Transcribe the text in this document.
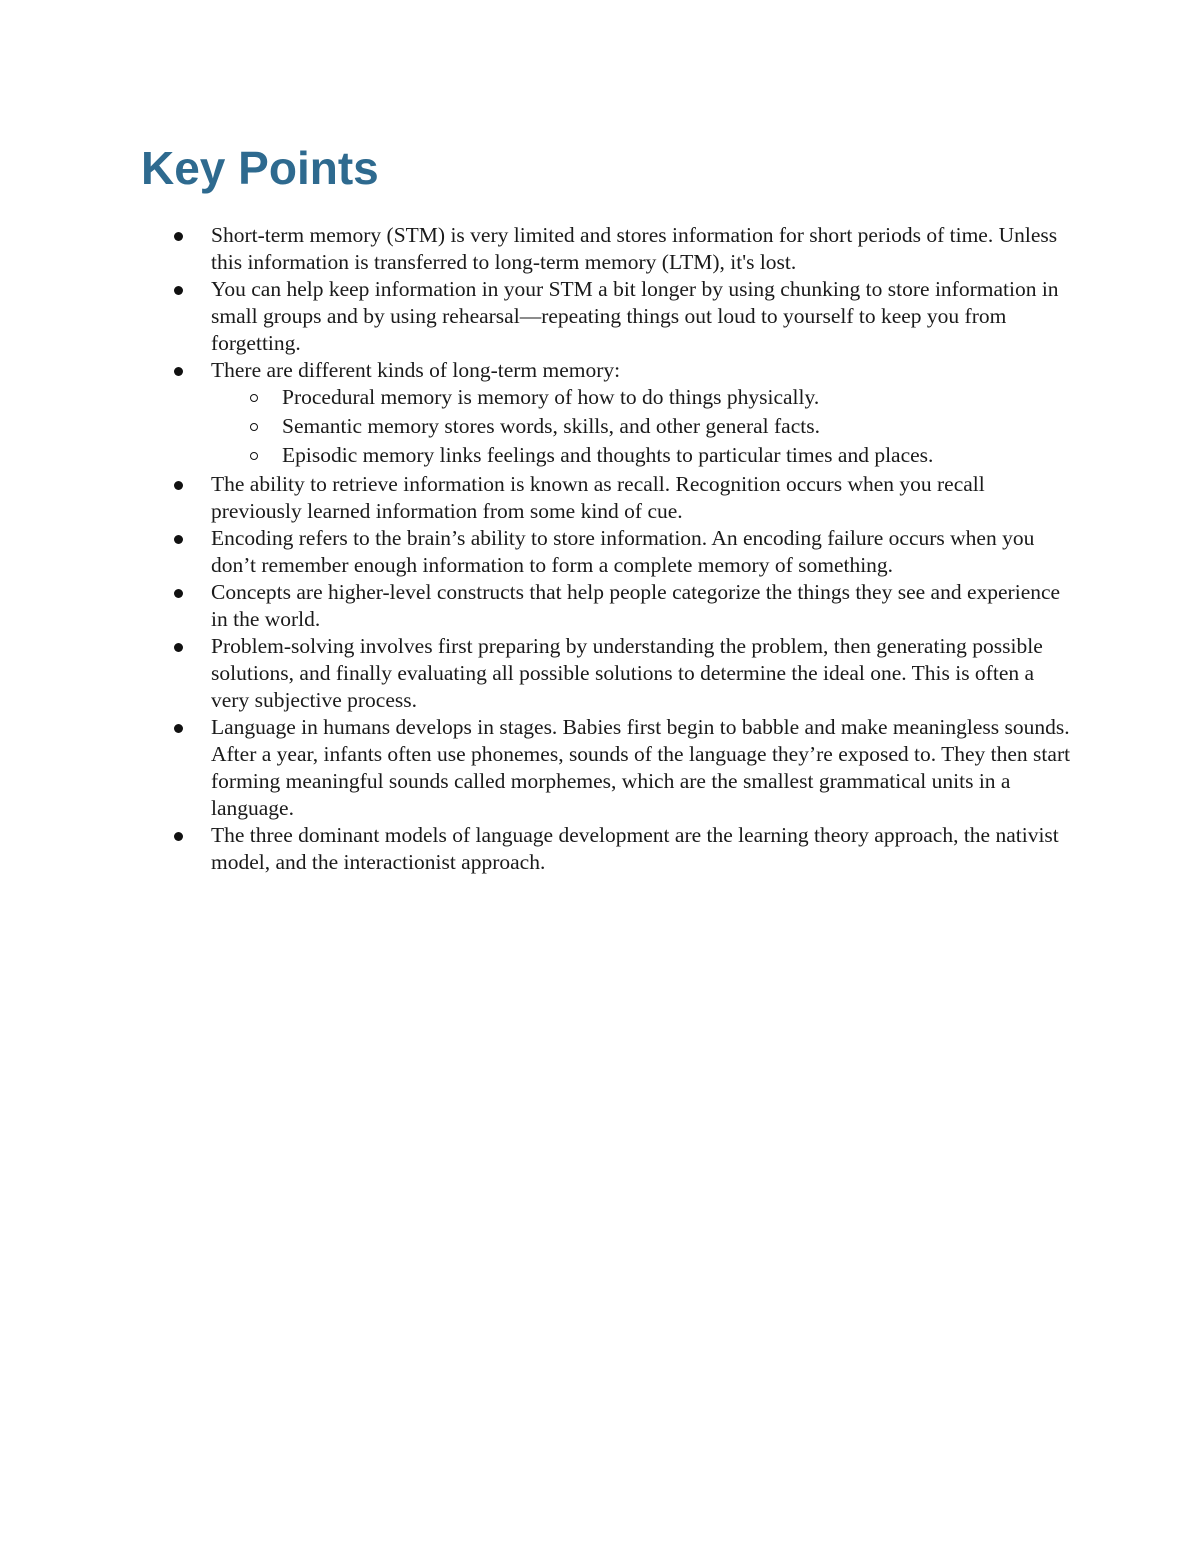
Key Points
Short-term memory (STM) is very limited and stores information for short periods of time. Unless this information is transferred to long-term memory (LTM), it's lost.
You can help keep information in your STM a bit longer by using chunking to store information in small groups and by using rehearsal—repeating things out loud to yourself to keep you from forgetting.
There are different kinds of long-term memory:
Procedural memory is memory of how to do things physically.
Semantic memory stores words, skills, and other general facts.
Episodic memory links feelings and thoughts to particular times and places.
The ability to retrieve information is known as recall. Recognition occurs when you recall previously learned information from some kind of cue.
Encoding refers to the brain’s ability to store information. An encoding failure occurs when you don’t remember enough information to form a complete memory of something.
Concepts are higher-level constructs that help people categorize the things they see and experience in the world.
Problem-solving involves first preparing by understanding the problem, then generating possible solutions, and finally evaluating all possible solutions to determine the ideal one. This is often a very subjective process.
Language in humans develops in stages. Babies first begin to babble and make meaningless sounds. After a year, infants often use phonemes, sounds of the language they’re exposed to. They then start forming meaningful sounds called morphemes, which are the smallest grammatical units in a language.
The three dominant models of language development are the learning theory approach, the nativist model, and the interactionist approach.
